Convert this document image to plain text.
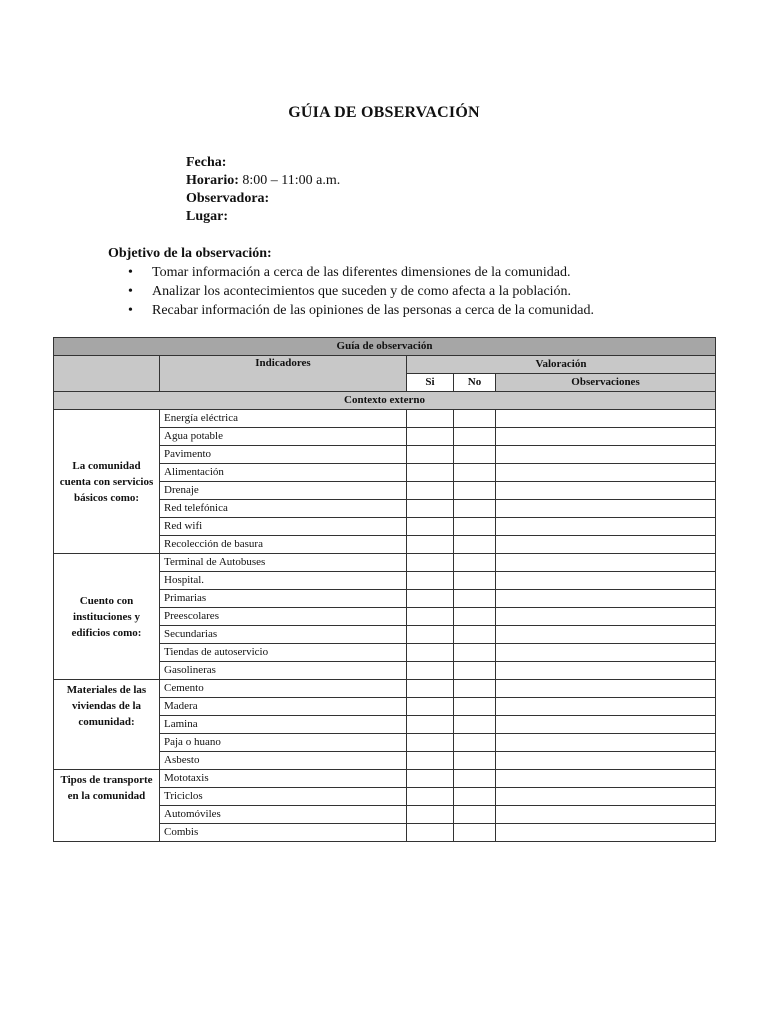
GÚIA DE OBSERVACIÓN
Fecha:
Horario: 8:00 – 11:00 a.m.
Observadora:
Lugar:
Objetivo de la observación:
• Tomar información a cerca de las diferentes dimensiones de la comunidad.
• Analizar los acontecimientos que suceden y de como afecta a la población.
• Recabar información de las opiniones de las personas a cerca de la comunidad.
Guía de observación				
	Indicadores	Valoración		
		Si	No	Observaciones
Contexto externo				
La comunidad cuenta con servicios básicos como:	Energía eléctrica			
	Agua potable			
	Pavimento			
	Alimentación			
	Drenaje			
	Red telefónica			
	Red wifi			
	Recolección de basura			
Cuento con instituciones y edificios como:	Terminal de Autobuses			
	Hospital.			
	Primarias			
	Preescolares			
	Secundarias			
	Tiendas de autoservicio			
	Gasolineras			
Materiales de las viviendas de la comunidad:	Cemento			
	Madera			
	Lamina			
	Paja o huano			
	Asbesto			
Tipos de transporte en la comunidad	Mototaxis			
	Triciclos			
	Automóviles			
	Combis			
